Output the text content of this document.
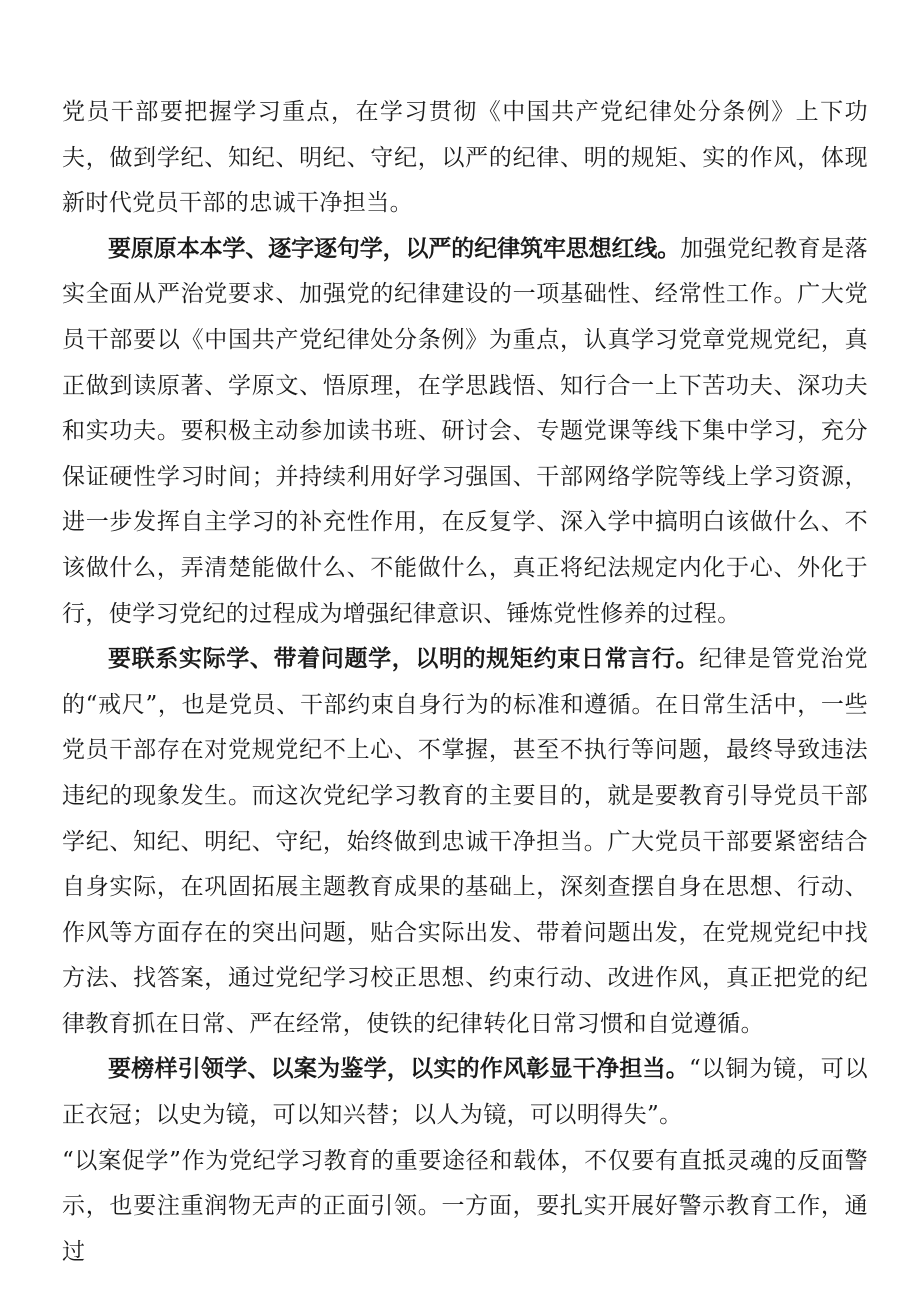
党员干部要把握学习重点，在学习贯彻《中国共产党纪律处分条例》上下功夫，做到学纪、知纪、明纪、守纪，以严的纪律、明的规矩、实的作风，体现新时代党员干部的忠诚干净担当。

要原原本本学、逐字逐句学，以严的纪律筑牢思想红线。加强党纪教育是落实全面从严治党要求、加强党的纪律建设的一项基础性、经常性工作。广大党员干部要以《中国共产党纪律处分条例》为重点，认真学习党章党规党纪，真正做到读原著、学原文、悟原理，在学思践悟、知行合一上下苦功夫、深功夫和实功夫。要积极主动参加读书班、研讨会、专题党课等线下集中学习，充分保证硬性学习时间；并持续利用好学习强国、干部网络学院等线上学习资源，进一步发挥自主学习的补充性作用，在反复学、深入学中搞明白该做什么、不该做什么，弄清楚能做什么、不能做什么，真正将纪法规定内化于心、外化于行，使学习党纪的过程成为增强纪律意识、锤炼党性修养的过程。

要联系实际学、带着问题学，以明的规矩约束日常言行。纪律是管党治党的“戒尺”，也是党员、干部约束自身行为的标准和遵循。在日常生活中，一些党员干部存在对党规党纪不上心、不掌握，甚至不执行等问题，最终导致违法违纪的现象发生。而这次党纪学习教育的主要目的，就是要教育引导党员干部学纪、知纪、明纪、守纪，始终做到忠诚干净担当。广大党员干部要紧密结合自身实际，在巩固拓展主题教育成果的基础上，深刻查摆自身在思想、行动、作风等方面存在的突出问题，贴合实际出发、带着问题出发，在党规党纪中找方法、找答案，通过党纪学习校正思想、约束行动、改进作风，真正把党的纪律教育抓在日常、严在经常，使铁的纪律转化日常习惯和自觉遵循。

要榜样引领学、以案为鉴学，以实的作风彰显干净担当。“以铜为镜，可以正衣冠；以史为镜，可以知兴替；以人为镜，可以明得失”。

“以案促学”作为党纪学习教育的重要途径和载体，不仅要有直抵灵魂的反面警示，也要注重润物无声的正面引领。一方面，要扎实开展好警示教育工作，通过
